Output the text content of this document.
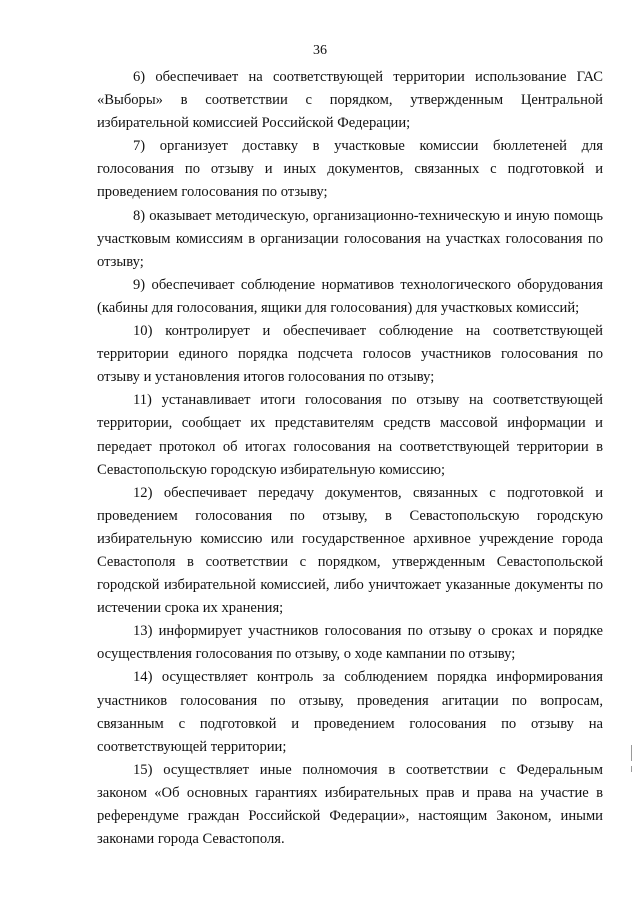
36

6) обеспечивает на соответствующей территории использование ГАС «Выборы» в соответствии с порядком, утвержденным Центральной избирательной комиссией Российской Федерации;

7) организует доставку в участковые комиссии бюллетеней для голосования по отзыву и иных документов, связанных с подготовкой и проведением голосования по отзыву;

8) оказывает методическую, организационно-техническую и иную помощь участковым комиссиям в организации голосования на участках голосования по отзыву;

9) обеспечивает соблюдение нормативов технологического оборудования (кабины для голосования, ящики для голосования) для участковых комиссий;

10) контролирует и обеспечивает соблюдение на соответствующей территории единого порядка подсчета голосов участников голосования по отзыву и установления итогов голосования по отзыву;

11) устанавливает итоги голосования по отзыву на соответствующей территории, сообщает их представителям средств массовой информации и передает протокол об итогах голосования на соответствующей территории в Севастопольскую городскую избирательную комиссию;

12) обеспечивает передачу документов, связанных с подготовкой и проведением голосования по отзыву, в Севастопольскую городскую избирательную комиссию или государственное архивное учреждение города Севастополя в соответствии с порядком, утвержденным Севастопольской городской избирательной комиссией, либо уничтожает указанные документы по истечении срока их хранения;

13) информирует участников голосования по отзыву о сроках и порядке осуществления голосования по отзыву, о ходе кампании по отзыву;

14) осуществляет контроль за соблюдением порядка информирования участников голосования по отзыву, проведения агитации по вопросам, связанным с подготовкой и проведением голосования по отзыву на соответствующей территории;

15) осуществляет иные полномочия в соответствии с Федеральным законом «Об основных гарантиях избирательных прав и права на участие в референдуме граждан Российской Федерации», настоящим Законом, иными законами города Севастополя.
